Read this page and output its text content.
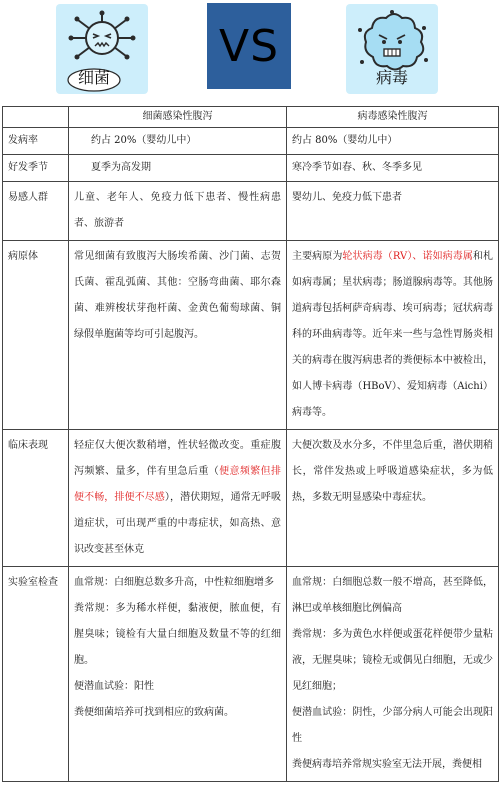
细菌
VS
病毒
	细菌感染性腹泻	病毒感染性腹泻
发病率	约占 20%（婴幼儿中）	约占 80%（婴幼儿中）
好发季节	夏季为高发期	寒冷季节如春、秋、冬季多见
易感人群	儿童、老年人、免疫力低下患者、慢性病患者、旅游者	婴幼儿、免疫力低下患者
病原体	常见细菌有致腹泻大肠埃希菌、沙门菌、志贺氏菌、霍乱弧菌、其他：空肠弯曲菌、耶尔森菌、难辨梭状芽孢杆菌、金黄色葡萄球菌、铜绿假单胞菌等均可引起腹泻。	主要病原为轮状病毒（RV）、诺如病毒属和札如病毒属；星状病毒；肠道腺病毒等。其他肠道病毒包括柯萨奇病毒、埃可病毒；冠状病毒科的环曲病毒等。近年来一些与急性胃肠炎相关的病毒在腹泻病患者的粪便标本中被检出，如人博卡病毒（HBoV）、爱知病毒（Aichi）病毒等。
临床表现	轻症仅大便次数稍增，性状轻微改变。重症腹泻频繁、量多，伴有里急后重（便意频繁但排便不畅，排便不尽感），潜伏期短，通常无呼吸道症状，可出现严重的中毒症状，如高热、意识改变甚至休克	大便次数及水分多，不伴里急后重，潜伏期稍长，常伴发热或上呼吸道感染症状，多为低热，多数无明显感染中毒症状。
实验室检查	血常规：白细胞总数多升高，中性粒细胞增多
粪常规：多为稀水样便，黏液便，脓血便，有腥臭味；镜检有大量白细胞及数量不等的红细胞。
便潜血试验：阳性
粪便细菌培养可找到相应的致病菌。	血常规：白细胞总数一般不增高，甚至降低，淋巴或单核细胞比例偏高
粪常规：多为黄色水样便或蛋花样便带少量粘液，无腥臭味；镜检无或偶见白细胞，无或少见红细胞；
便潜血试验：阴性，少部分病人可能会出现阳性
粪便病毒培养常规实验室无法开展，粪便相
